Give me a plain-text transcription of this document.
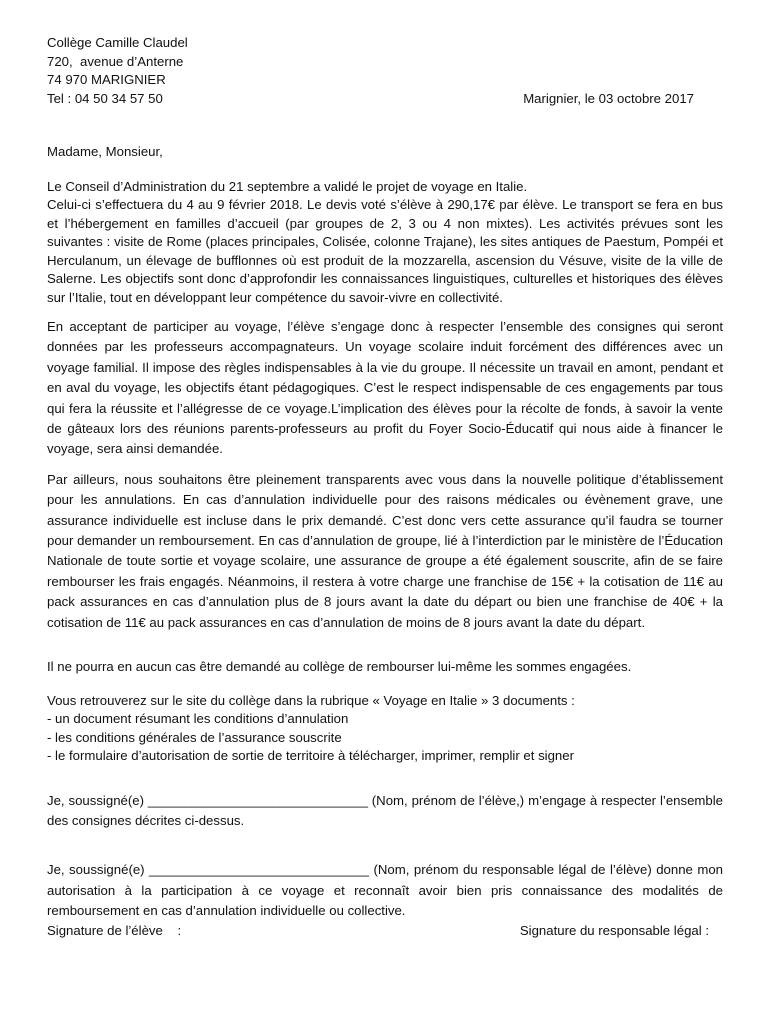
Collège Camille Claudel
720,  avenue d’Anterne
74 970 MARIGNIER
Tel : 04 50 34 57 50	Marignier, le 03 octobre 2017

Madame, Monsieur,

Le Conseil d’Administration du 21 septembre a validé le projet de voyage en Italie.

Celui-ci s’effectuera du 4 au 9 février 2018. Le devis voté s’élève à 290,17€ par élève. Le transport se fera en bus et l’hébergement en familles d’accueil (par groupes de 2, 3 ou 4 non mixtes). Les activités prévues sont les suivantes : visite de Rome (places principales, Colisée, colonne Trajane), les sites antiques de Paestum, Pompéi et Herculanum, un élevage de bufflonnes où est produit de la mozzarella, ascension du Vésuve, visite de la ville de Salerne. Les objectifs sont donc d’approfondir les connaissances linguistiques, culturelles et historiques des élèves sur l’Italie, tout en développant leur compétence du savoir-vivre en collectivité.

En acceptant de participer au voyage, l’élève s’engage donc à respecter l’ensemble des consignes qui seront données par les professeurs accompagnateurs. Un voyage scolaire induit forcément des différences avec un voyage familial. Il impose des règles indispensables à la vie du groupe. Il nécessite un travail en amont, pendant et en aval du voyage, les objectifs étant pédagogiques. C’est le respect indispensable de ces engagements par tous qui fera la réussite et l’allégresse de ce voyage.L’implication des élèves pour la récolte de fonds, à savoir la vente de gâteaux lors des réunions parents-professeurs au profit du Foyer Socio-Éducatif qui nous aide à financer le voyage, sera ainsi demandée.

Par ailleurs, nous souhaitons être pleinement transparents avec vous dans la nouvelle politique d’établissement pour les annulations. En cas d’annulation individuelle pour des raisons médicales ou évènement grave, une assurance individuelle est incluse dans le prix demandé. C’est donc vers cette assurance qu’il faudra se tourner pour demander un remboursement. En cas d’annulation de groupe, lié à l’interdiction par le ministère de l’Éducation Nationale de toute sortie et voyage scolaire, une assurance de groupe a été également souscrite, afin de se faire rembourser les frais engagés. Néanmoins, il restera à votre charge une franchise de 15€ + la cotisation de 11€ au pack assurances en cas d’annulation plus de 8 jours avant la date du départ ou bien une franchise de 40€ + la cotisation de 11€ au pack assurances en cas d’annulation de moins de 8 jours avant la date du départ.

Il ne pourra en aucun cas être demandé au collège de rembourser lui-même les sommes engagées.

Vous retrouverez sur le site du collège dans la rubrique « Voyage en Italie » 3 documents :

- un document résumant les conditions d’annulation
- les conditions générales de l’assurance souscrite
- le formulaire d’autorisation de sortie de territoire à télécharger, imprimer, remplir et signer

Je, soussigné(e) ______________________________ (Nom, prénom de l’élève,) m’engage à respecter l’ensemble des consignes décrites ci-dessus.

Je, soussigné(e) ______________________________ (Nom, prénom du responsable légal de l’élève) donne mon autorisation à la participation à ce voyage et reconnaît avoir bien pris connaissance des modalités de remboursement en cas d’annulation individuelle ou collective.

Signature de l’élève    :	Signature du responsable légal :
